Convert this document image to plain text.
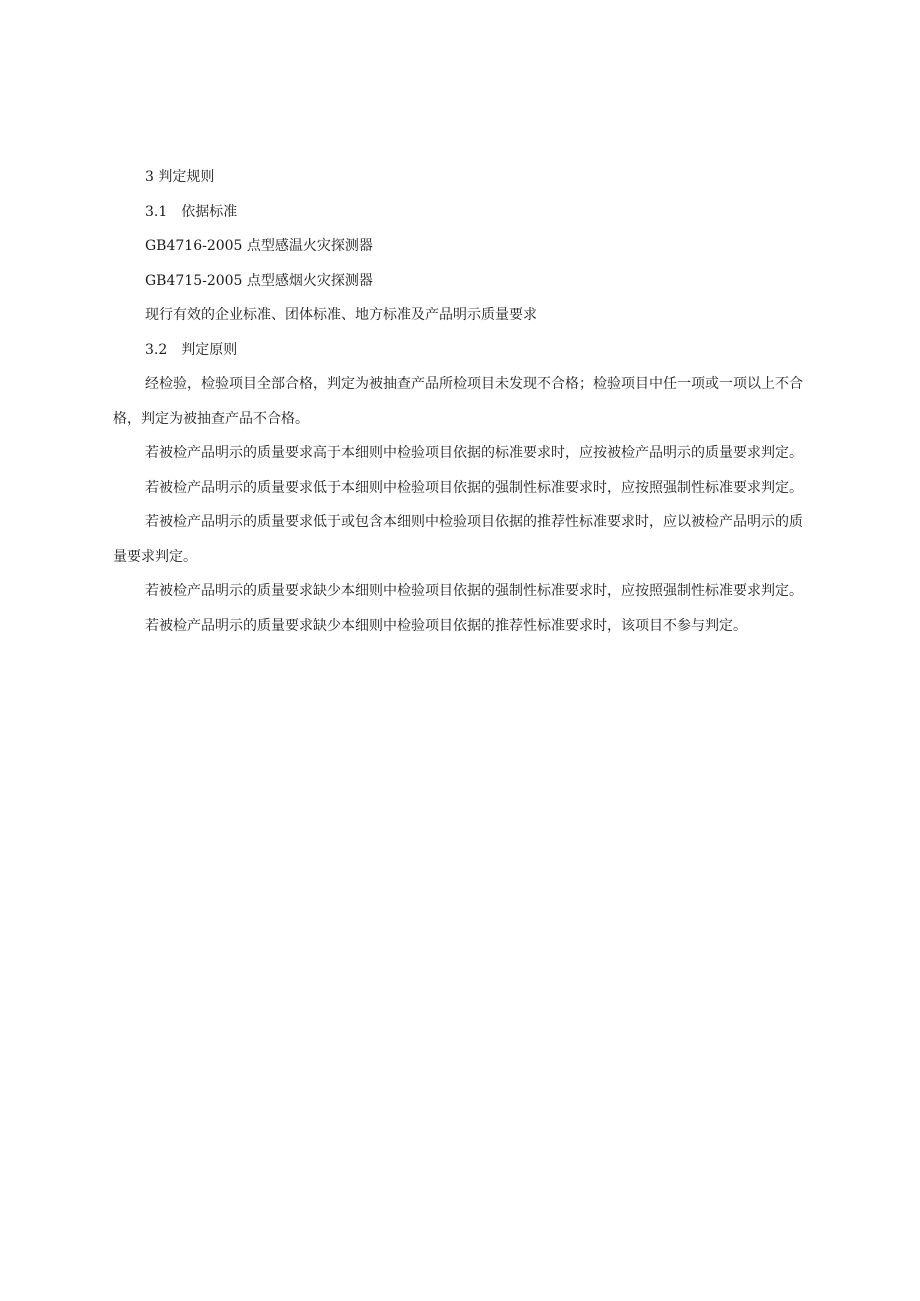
3 判定规则
3.1 依据标准
GB4716-2005 点型感温火灾探测器
GB4715-2005 点型感烟火灾探测器
现行有效的企业标准、团体标准、地方标准及产品明示质量要求
3.2 判定原则

经检验，检验项目全部合格，判定为被抽查产品所检项目未发现不合格；检验项目中任一项或一项以上不合格，判定为被抽查产品不合格。

若被检产品明示的质量要求高于本细则中检验项目依据的标准要求时，应按被检产品明示的质量要求判定。

若被检产品明示的质量要求低于本细则中检验项目依据的强制性标准要求时，应按照强制性标准要求判定。

若被检产品明示的质量要求低于或包含本细则中检验项目依据的推荐性标准要求时，应以被检产品明示的质量要求判定。

若被检产品明示的质量要求缺少本细则中检验项目依据的强制性标准要求时，应按照强制性标准要求判定。

若被检产品明示的质量要求缺少本细则中检验项目依据的推荐性标准要求时，该项目不参与判定。
